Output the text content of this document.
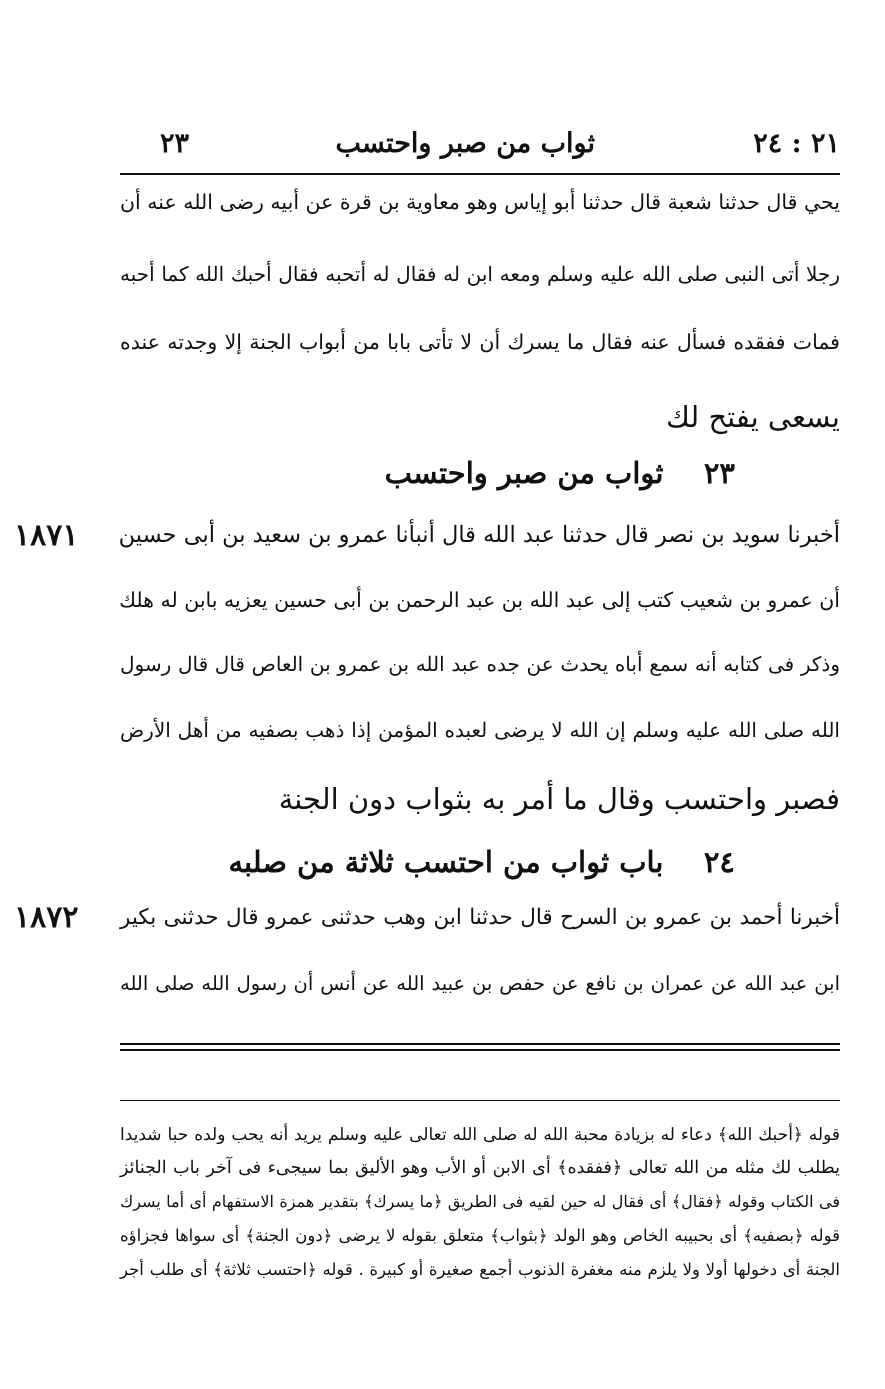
٢١ : ٢٤
ثواب من صبر واحتسب
٢٣
يحي قال حدثنا شعبة قال حدثنا أبو إياس وهو معاوية بن قرة عن أبيه رضى الله عنه أن
رجلا أتى النبى صلى الله عليه وسلم ومعه ابن له فقال له أتحبه فقال أحبك الله كما أحبه
فمات ففقده فسأل عنه فقال ما يسرك أن لا تأتى بابا من أبواب الجنة إلا وجدته عنده
يسعى يفتح لك
٢٣    ثواب من صبر واحتسب
١٨٧١ أخبرنا سويد بن نصر قال حدثنا عبد الله قال أنبأنا عمرو بن سعيد بن أبى حسين
أن عمرو بن شعيب كتب إلى عبد الله بن عبد الرحمن بن أبى حسين يعزيه بابن له هلك
وذكر فى كتابه أنه سمع أباه يحدث عن جده عبد الله بن عمرو بن العاص قال قال رسول
الله صلى الله عليه وسلم إن الله لا يرضى لعبده المؤمن إذا ذهب بصفيه من أهل الأرض
فصبر واحتسب وقال ما أمر به بثواب دون الجنة
٢٤    باب ثواب من احتسب ثلاثة من صلبه
١٨٧٢ أخبرنا أحمد بن عمرو بن السرح قال حدثنا ابن وهب حدثنى عمرو قال حدثنى بكير
ابن عبد الله عن عمران بن نافع عن حفص بن عبيد الله عن أنس أن رسول الله صلى الله
قوله ﴿أحبك الله﴾ دعاء له بزيادة محبة الله له صلى الله تعالى عليه وسلم يريد أنه يحب ولده حبا شديدا
يطلب لك مثله من الله تعالى ﴿ففقده﴾ أى الابن أو الأب وهو الأليق بما سيجىء فى آخر باب الجنائز
فى الكتاب وقوله ﴿فقال﴾ أى فقال له حين لقيه فى الطريق ﴿ما يسرك﴾ بتقدير همزة الاستفهام أى أما يسرك
قوله ﴿بصفيه﴾ أى بحبيبه الخاص وهو الولد ﴿بثواب﴾ متعلق بقوله لا يرضى ﴿دون الجنة﴾ أى سواها فجزاؤه
الجنة أى دخولها أولا ولا يلزم منه مغفرة الذنوب أجمع صغيرة أو كبيرة . قوله ﴿احتسب ثلاثة﴾ أى طلب أجر
